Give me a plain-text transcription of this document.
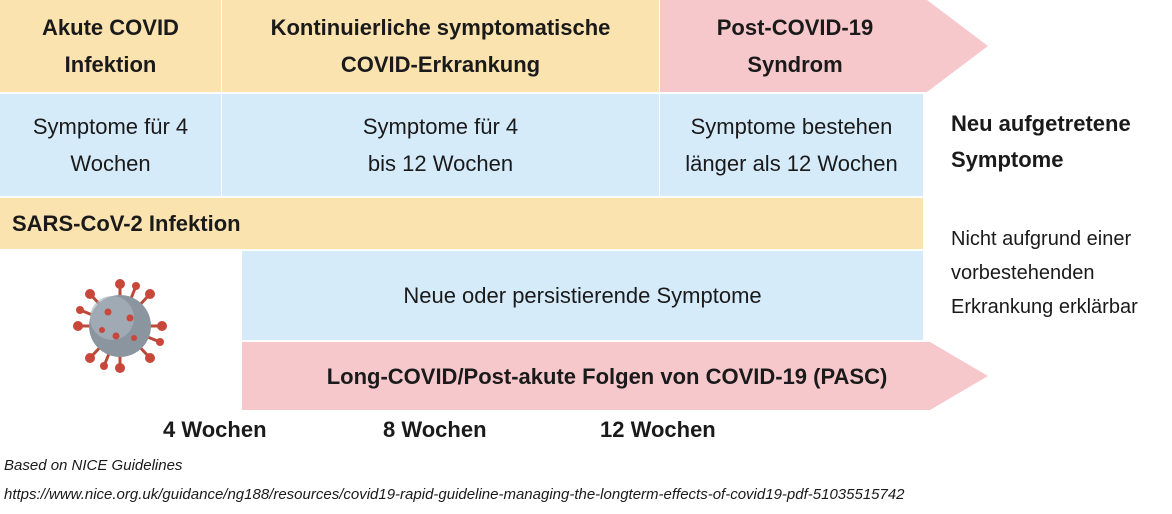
Akute COVID Infektion
Kontinuierliche symptomatische COVID-Erkrankung
Post-COVID-19 Syndrom
Symptome für 4 Wochen
Symptome für 4 bis 12 Wochen
Symptome bestehen länger als 12 Wochen
SARS-CoV-2 Infektion
Neue oder persistierende Symptome
Long-COVID/Post-akute Folgen von COVID-19 (PASC)
Neu aufgetretene Symptome
Nicht aufgrund einer vorbestehenden Erkrankung erklärbar
4 Wochen	8 Wochen	12 Wochen
Based on NICE Guidelines
https://www.nice.org.uk/guidance/ng188/resources/covid19-rapid-guideline-managing-the-longterm-effects-of-covid19-pdf-51035515742
